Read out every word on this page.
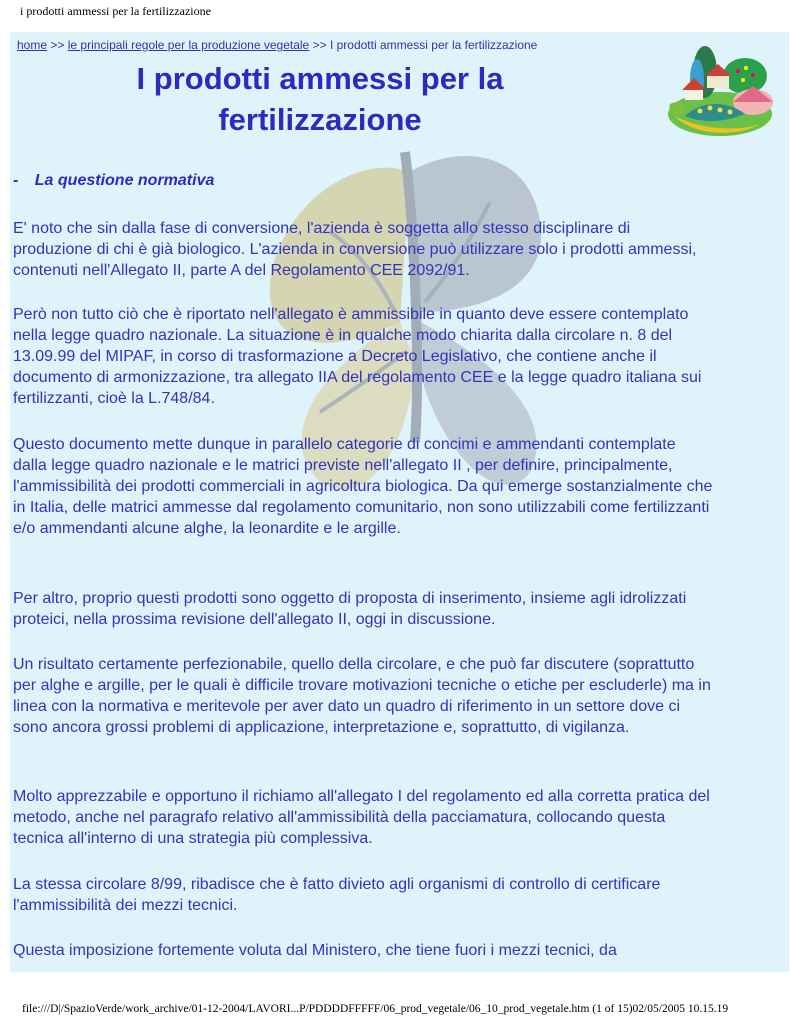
i prodotti ammessi per la fertilizzazione
home >> le principali regole per la produzione vegetale >> I prodotti ammessi per la fertilizzazione
I prodotti ammessi per la
fertilizzazione
- La questione normativa

E' noto che sin dalla fase di conversione, l'azienda è soggetta allo stesso disciplinare di produzione di chi è già biologico. L'azienda in conversione può utilizzare solo i prodotti ammessi, contenuti nell'Allegato II, parte A del Regolamento CEE 2092/91.

Però non tutto ciò che è riportato nell'allegato è ammissibile in quanto deve essere contemplato nella legge quadro nazionale. La situazione è in qualche modo chiarita dalla circolare n. 8 del 13.09.99 del MIPAF, in corso di trasformazione a Decreto Legislativo, che contiene anche il documento di armonizzazione, tra allegato IIA del regolamento CEE e la legge quadro italiana sui fertilizzanti, cioè la L.748/84.

Questo documento mette dunque in parallelo categorie di concimi e ammendanti contemplate dalla legge quadro nazionale e le matrici previste nell'allegato II , per definire, principalmente, l'ammissibilità dei prodotti commerciali in agricoltura biologica. Da qui emerge sostanzialmente che in Italia, delle matrici ammesse dal regolamento comunitario, non sono utilizzabili come fertilizzanti e/o ammendanti alcune alghe, la leonardite e le argille.

Per altro, proprio questi prodotti sono oggetto di proposta di inserimento, insieme agli idrolizzati proteici, nella prossima revisione dell'allegato II, oggi in discussione.

Un risultato certamente perfezionabile, quello della circolare, e che può far discutere (soprattutto per alghe e argille, per le quali è difficile trovare motivazioni tecniche o etiche per escluderle) ma in linea con la normativa e meritevole per aver dato un quadro di riferimento in un settore dove ci sono ancora grossi problemi di applicazione, interpretazione e, soprattutto, di vigilanza.

Molto apprezzabile e opportuno il richiamo all'allegato I del regolamento ed alla corretta pratica del metodo, anche nel paragrafo relativo all'ammissibilità della pacciamatura, collocando questa tecnica all'interno di una strategia più complessiva.

La stessa circolare 8/99, ribadisce che è fatto divieto agli organismi di controllo di certificare l'ammissibilità dei mezzi tecnici.

Questa imposizione fortemente voluta dal Ministero, che tiene fuori i mezzi tecnici, da

file:///D|/SpazioVerde/work_archive/01-12-2004/LAVORI...P/PDDDDFFFFF/06_prod_vegetale/06_10_prod_vegetale.htm (1 of 15)02/05/2005 10.15.19
